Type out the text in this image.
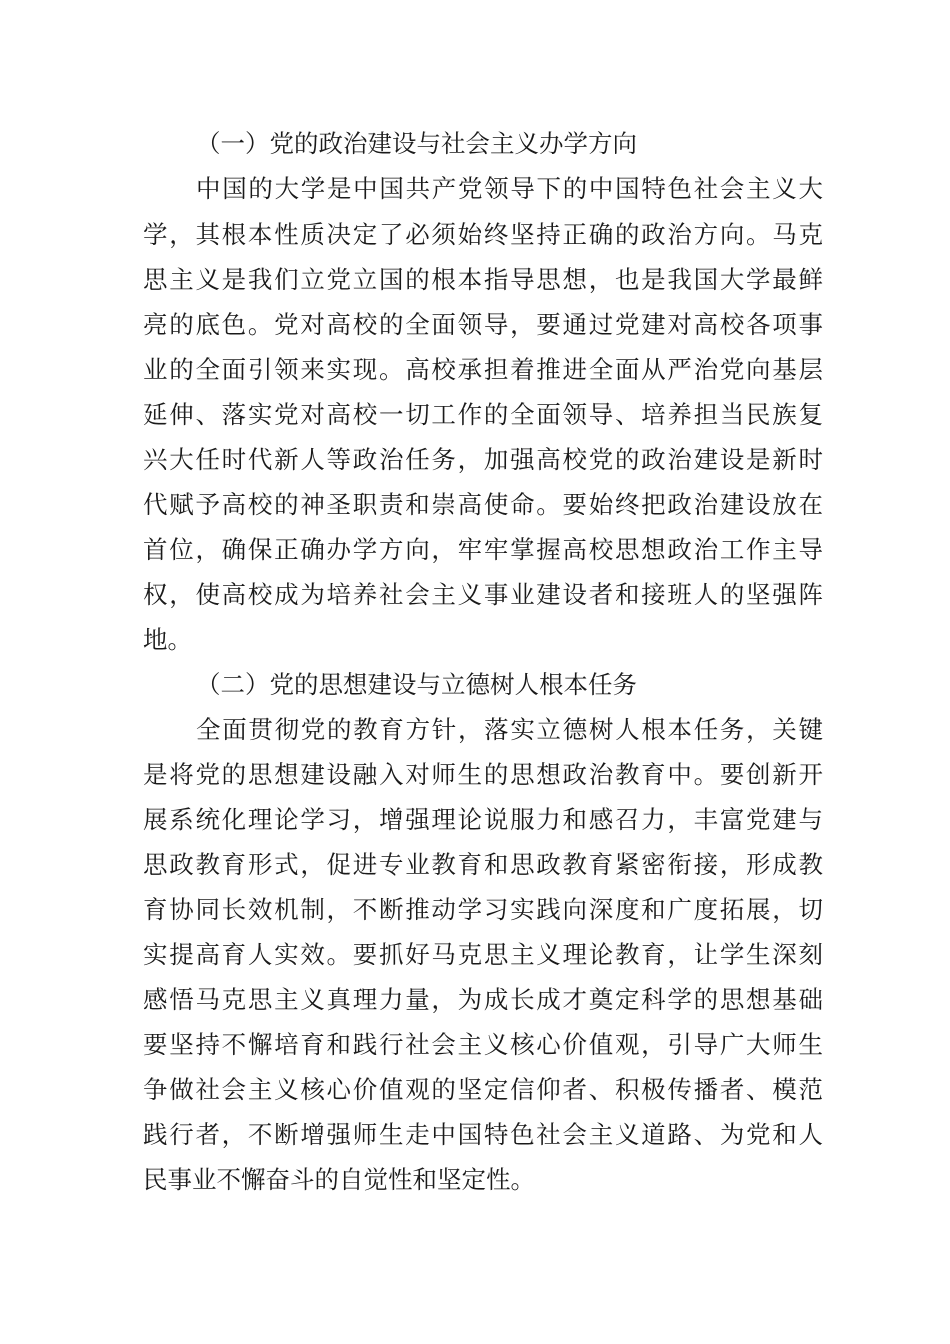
（一）党的政治建设与社会主义办学方向
中国的大学是中国共产党领导下的中国特色社会主义大
学，其根本性质决定了必须始终坚持正确的政治方向。马克
思主义是我们立党立国的根本指导思想，也是我国大学最鲜
亮的底色。党对高校的全面领导，要通过党建对高校各项事
业的全面引领来实现。高校承担着推进全面从严治党向基层
延伸、落实党对高校一切工作的全面领导、培养担当民族复
兴大任时代新人等政治任务，加强高校党的政治建设是新时
代赋予高校的神圣职责和崇高使命。要始终把政治建设放在
首位，确保正确办学方向，牢牢掌握高校思想政治工作主导
权，使高校成为培养社会主义事业建设者和接班人的坚强阵
地。
（二）党的思想建设与立德树人根本任务
全面贯彻党的教育方针，落实立德树人根本任务，关键
是将党的思想建设融入对师生的思想政治教育中。要创新开
展系统化理论学习，增强理论说服力和感召力，丰富党建与
思政教育形式，促进专业教育和思政教育紧密衔接，形成教
育协同长效机制，不断推动学习实践向深度和广度拓展，切
实提高育人实效。要抓好马克思主义理论教育，让学生深刻
感悟马克思主义真理力量，为成长成才奠定科学的思想基础
要坚持不懈培育和践行社会主义核心价值观，引导广大师生
争做社会主义核心价值观的坚定信仰者、积极传播者、模范
践行者，不断增强师生走中国特色社会主义道路、为党和人
民事业不懈奋斗的自觉性和坚定性。
